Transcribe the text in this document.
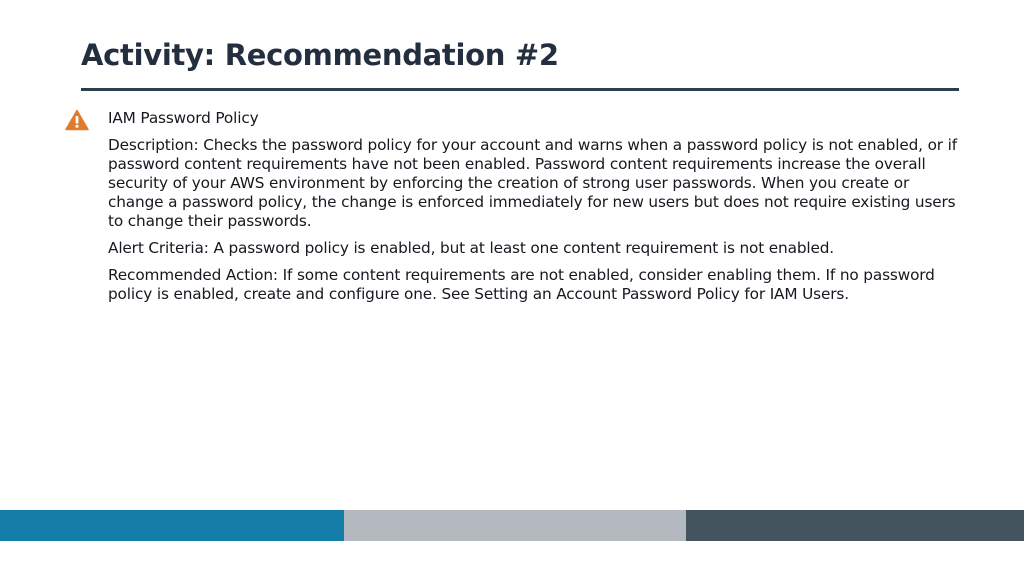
Activity: Recommendation #2

IAM Password Policy

Description: Checks the password policy for your account and warns when a password policy is not enabled, or if password content requirements have not been enabled. Password content requirements increase the overall security of your AWS environment by enforcing the creation of strong user passwords. When you create or change a password policy, the change is enforced immediately for new users but does not require existing users to change their passwords.

Alert Criteria: A password policy is enabled, but at least one content requirement is not enabled.

Recommended Action: If some content requirements are not enabled, consider enabling them. If no password policy is enabled, create and configure one. See Setting an Account Password Policy for IAM Users.
